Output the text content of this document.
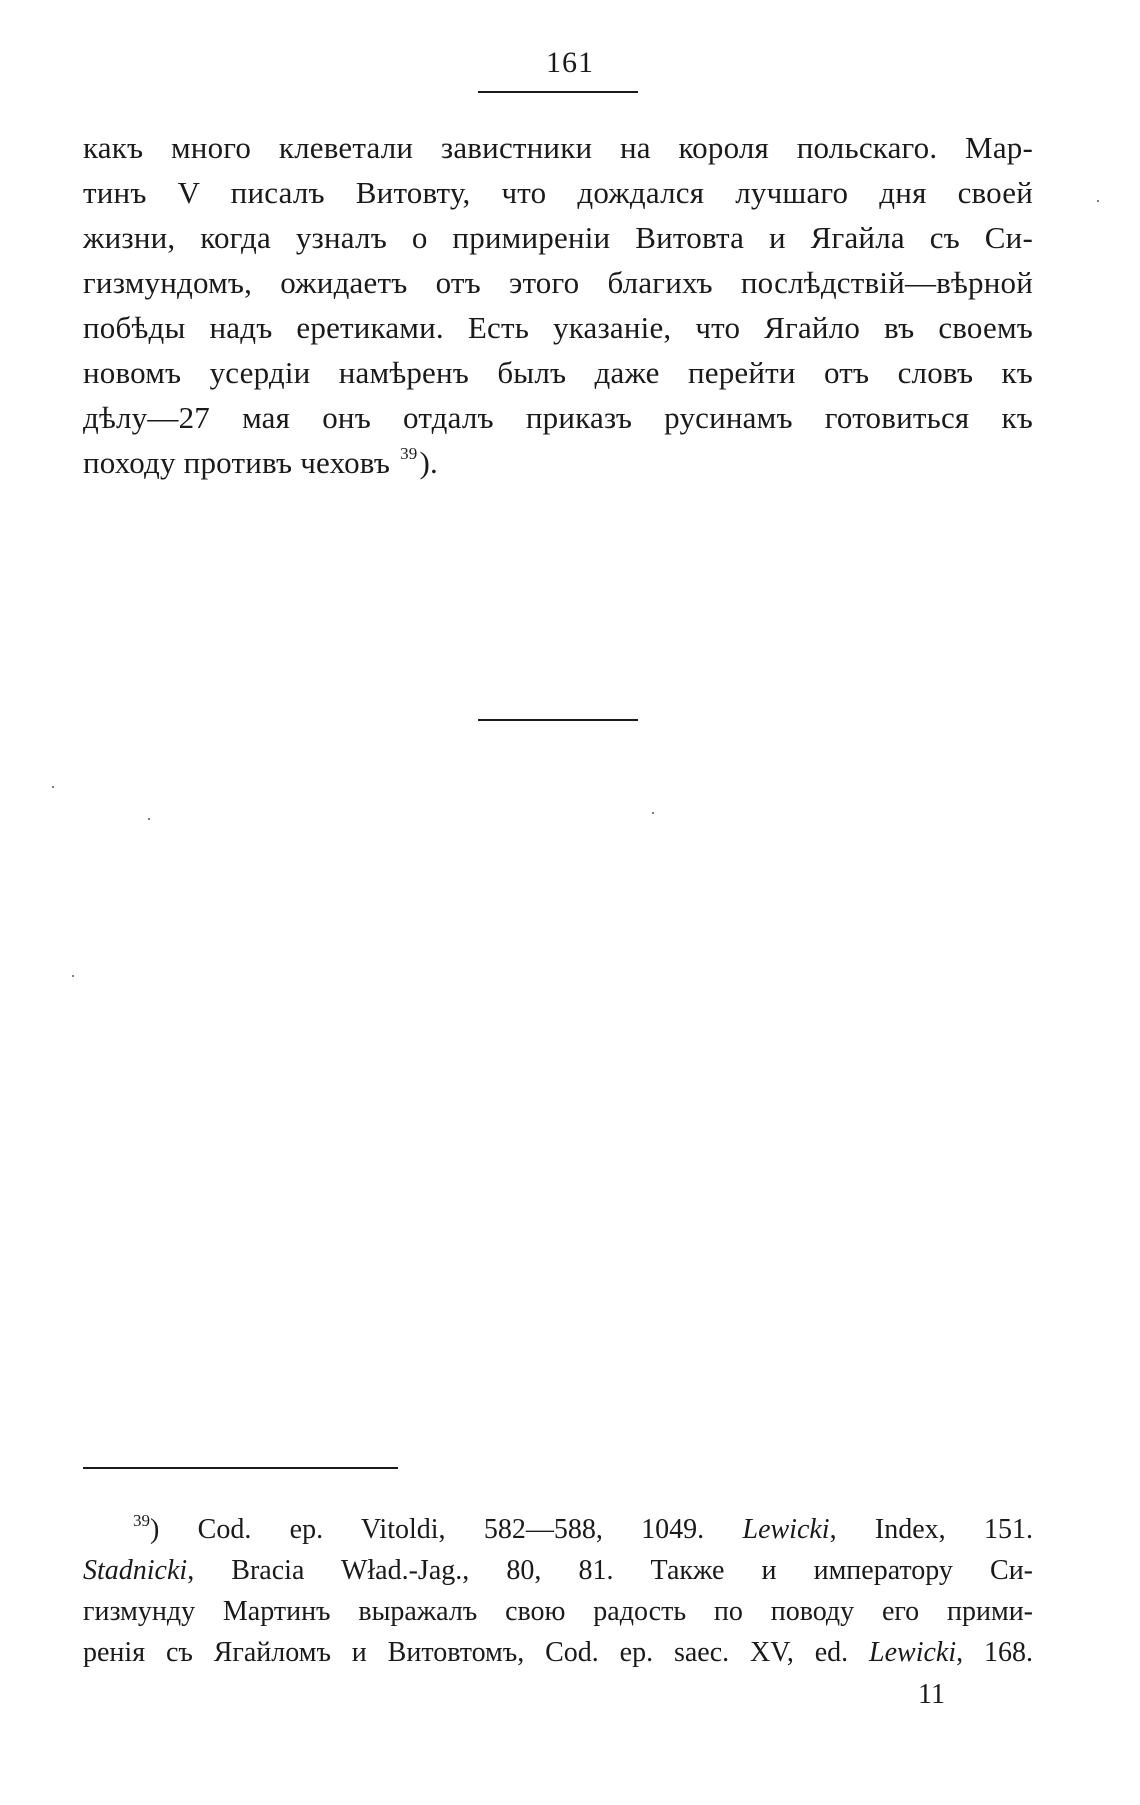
161
какъ много клеветали завистники на короля польскаго. Мар-
тинъ V писалъ Витовту, что дождался лучшаго дня своей
жизни, когда узналъ о примиреніи Витовта и Ягайла съ Си-
гизмундомъ, ожидаетъ отъ этого благихъ послѣдствій—вѣрной
побѣды надъ еретиками. Есть указаніе, что Ягайло въ своемъ
новомъ усердіи намѣренъ былъ даже перейти отъ словъ къ
дѣлу—27 мая онъ отдалъ приказъ русинамъ готовиться къ
походу противъ чеховъ $^{39}$).
$^{39}$) Cod. ep. Vitoldi, 582—588, 1049. Lewicki, Index, 151.
Stadnicki, Bracia Wład.-Jag., 80, 81. Также и императору Си-
гизмунду Мартинъ выражалъ свою радость по поводу его прими-
ренія съ Ягайломъ и Витовтомъ, Cod. ep. saec. XV, ed. Lewicki, 168.
11
